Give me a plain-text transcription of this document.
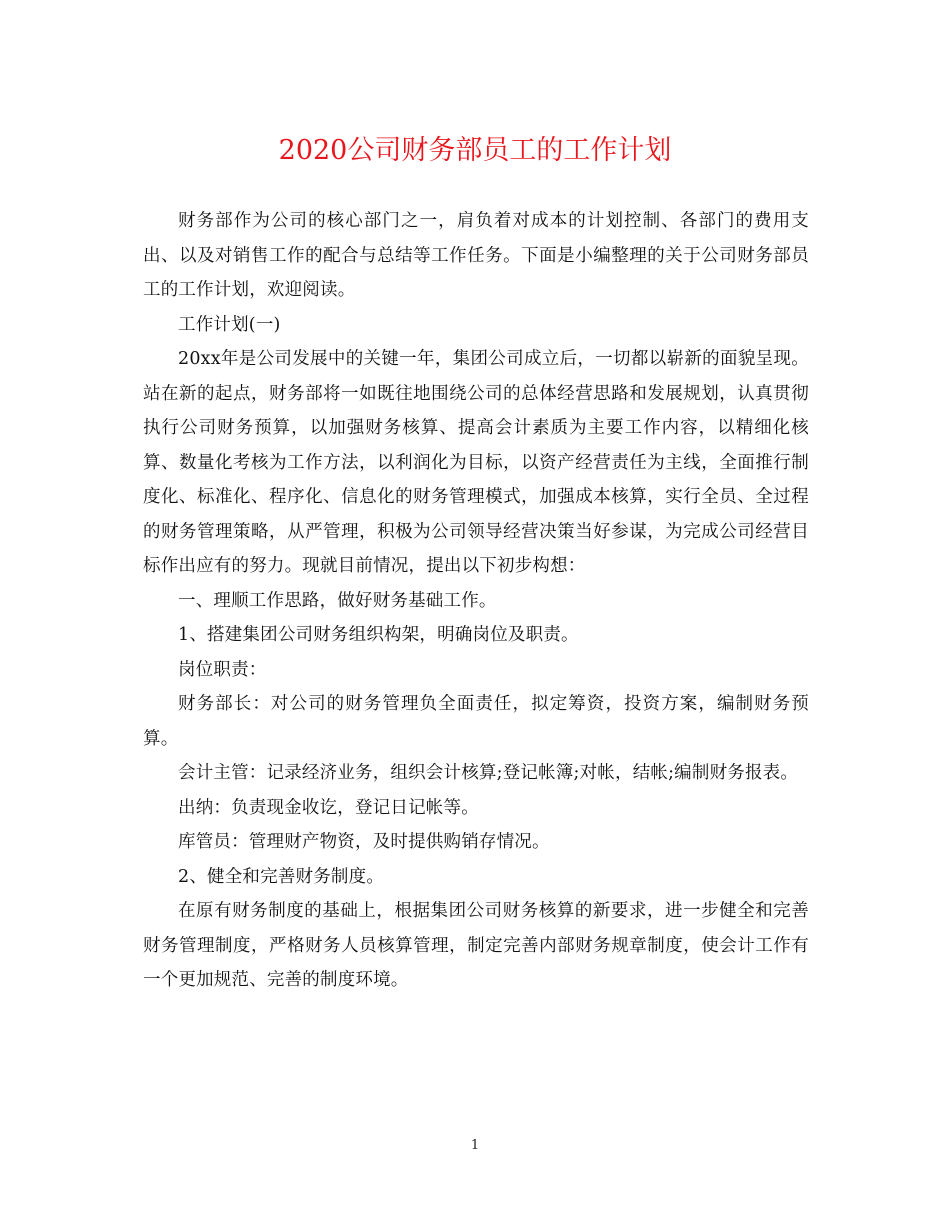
2020公司财务部员工的工作计划

财务部作为公司的核心部门之一，肩负着对成本的计划控制、各部门的费用支出、以及对销售工作的配合与总结等工作任务。下面是小编整理的关于公司财务部员工的工作计划，欢迎阅读。

工作计划(一)

20xx年是公司发展中的关键一年，集团公司成立后，一切都以崭新的面貌呈现。站在新的起点，财务部将一如既往地围绕公司的总体经营思路和发展规划，认真贯彻执行公司财务预算，以加强财务核算、提高会计素质为主要工作内容，以精细化核算、数量化考核为工作方法，以利润化为目标，以资产经营责任为主线，全面推行制度化、标准化、程序化、信息化的财务管理模式，加强成本核算，实行全员、全过程的财务管理策略，从严管理，积极为公司领导经营决策当好参谋，为完成公司经营目标作出应有的努力。现就目前情况，提出以下初步构想：

一、理顺工作思路，做好财务基础工作。

1、搭建集团公司财务组织构架，明确岗位及职责。

岗位职责：

财务部长：对公司的财务管理负全面责任，拟定筹资，投资方案，编制财务预算。

会计主管：记录经济业务，组织会计核算;登记帐簿;对帐，结帐;编制财务报表。

出纳：负责现金收讫，登记日记帐等。

库管员：管理财产物资，及时提供购销存情况。

2、健全和完善财务制度。

在原有财务制度的基础上，根据集团公司财务核算的新要求，进一步健全和完善财务管理制度，严格财务人员核算管理，制定完善内部财务规章制度，使会计工作有一个更加规范、完善的制度环境。

1
